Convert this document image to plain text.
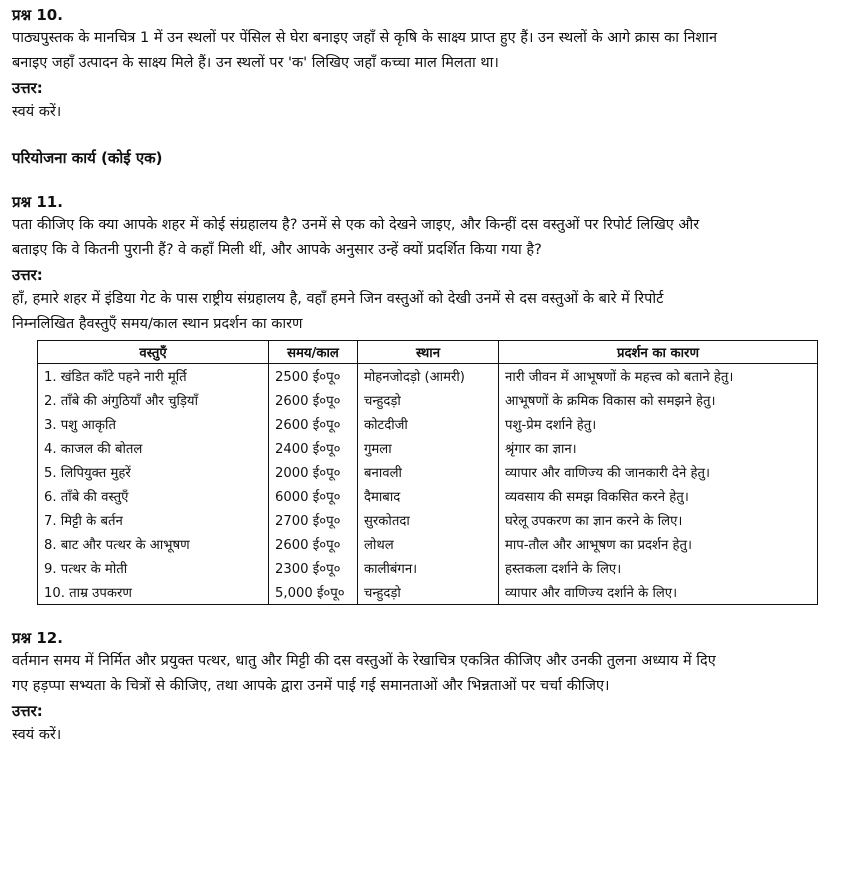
प्रश्न 10.

पाठ्यपुस्तक के मानचित्र 1 में उन स्थलों पर पेंसिल से घेरा बनाइए जहाँ से कृषि के साक्ष्य प्राप्त हुए हैं। उन स्थलों के आगे क्रास का निशान

बनाइए जहाँ उत्पादन के साक्ष्य मिले हैं। उन स्थलों पर 'क' लिखिए जहाँ कच्चा माल मिलता था।

उत्तर:

स्वयं करें।

परियोजना कार्य (कोई एक)

प्रश्न 11.

पता कीजिए कि क्या आपके शहर में कोई संग्रहालय है? उनमें से एक को देखने जाइए, और किन्हीं दस वस्तुओं पर रिपोर्ट लिखिए और

बताइए कि वे कितनी पुरानी हैं? वे कहाँ मिली थीं, और आपके अनुसार उन्हें क्यों प्रदर्शित किया गया है?

उत्तर:

हाँ, हमारे शहर में इंडिया गेट के पास राष्ट्रीय संग्रहालय है, वहाँ हमने जिन वस्तुओं को देखी उनमें से दस वस्तुओं के बारे में रिपोर्ट

निम्नलिखित हैवस्तुएँ समय/काल स्थान प्रदर्शन का कारण

वस्तुएँ	समय/काल	स्थान	प्रदर्शन का कारण
1. खंडित काँटे पहने नारी मूर्ति	2500 ई०पू०	मोहनजोदड़ो (आमरी)	नारी जीवन में आभूषणों के महत्त्व को बताने हेतु।
2. ताँबे की अंगुठियाँ और चुड़ियाँ	2600 ई०पू०	चन्हुदड़ो	आभूषणों के क्रमिक विकास को समझने हेतु।
3. पशु आकृति	2600 ई०पू०	कोटदीजी	पशु-प्रेम दर्शाने हेतु।
4. काजल की बोतल	2400 ई०पू०	गुमला	श्रृंगार का ज्ञान।
5. लिपियुक्त मुहरें	2000 ई०पू०	बनावली	व्यापार और वाणिज्य की जानकारी देने हेतु।
6. ताँबे की वस्तुएँ	6000 ई०पू०	दैमाबाद	व्यवसाय की समझ विकसित करने हेतु।
7. मिट्टी के बर्तन	2700 ई०पू०	सुरकोतदा	घरेलू उपकरण का ज्ञान करने के लिए।
8. बाट और पत्थर के आभूषण	2600 ई०पू०	लोथल	माप-तौल और आभूषण का प्रदर्शन हेतु।
9. पत्थर के मोती	2300 ई०पू०	कालीबंगन।	हस्तकला दर्शाने के लिए।
10. ताम्र उपकरण	5,000 ई०पू०	चन्हुदड़ो	व्यापार और वाणिज्य दर्शाने के लिए।

प्रश्न 12.

वर्तमान समय में निर्मित और प्रयुक्त पत्थर, धातु और मिट्टी की दस वस्तुओं के रेखाचित्र एकत्रित कीजिए और उनकी तुलना अध्याय में दिए

गए हड़प्पा सभ्यता के चित्रों से कीजिए, तथा आपके द्वारा उनमें पाई गई समानताओं और भिन्नताओं पर चर्चा कीजिए।

उत्तर:

स्वयं करें।
